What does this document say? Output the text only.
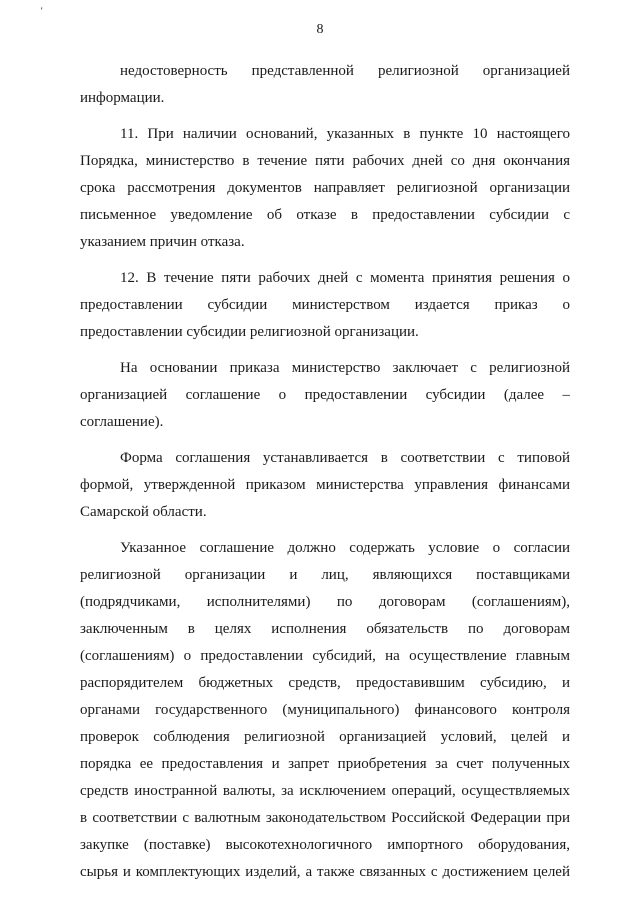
‘
8
недостоверность представленной религиозной организацией
информации.
11. При наличии оснований, указанных в пункте 10 настоящего
Порядка, министерство в течение пяти рабочих дней со дня окончания
срока рассмотрения документов направляет религиозной организации
письменное уведомление об отказе в предоставлении субсидии с
указанием причин отказа.
12. В течение пяти рабочих дней с момента принятия решения о
предоставлении субсидии министерством издается приказ о
предоставлении субсидии религиозной организации.
На основании приказа министерство заключает с религиозной
организацией соглашение о предоставлении субсидии (далее –
соглашение).
Форма соглашения устанавливается в соответствии с типовой
формой, утвержденной приказом министерства управления финансами
Самарской области.
Указанное соглашение должно содержать условие о согласии
религиозной организации и лиц, являющихся поставщиками
(подрядчиками, исполнителями) по договорам (соглашениям),
заключенным в целях исполнения обязательств по договорам
(соглашениям) о предоставлении субсидий, на осуществление главным
распорядителем бюджетных средств, предоставившим субсидию, и
органами государственного (муниципального) финансового контроля
проверок соблюдения религиозной организацией условий, целей и
порядка ее предоставления и запрет приобретения за счет полученных
средств иностранной валюты, за исключением операций, осуществляемых
в соответствии с валютным законодательством Российской Федерации при
закупке (поставке) высокотехнологичного импортного оборудования,
сырья и комплектующих изделий, а также связанных с достижением целей
